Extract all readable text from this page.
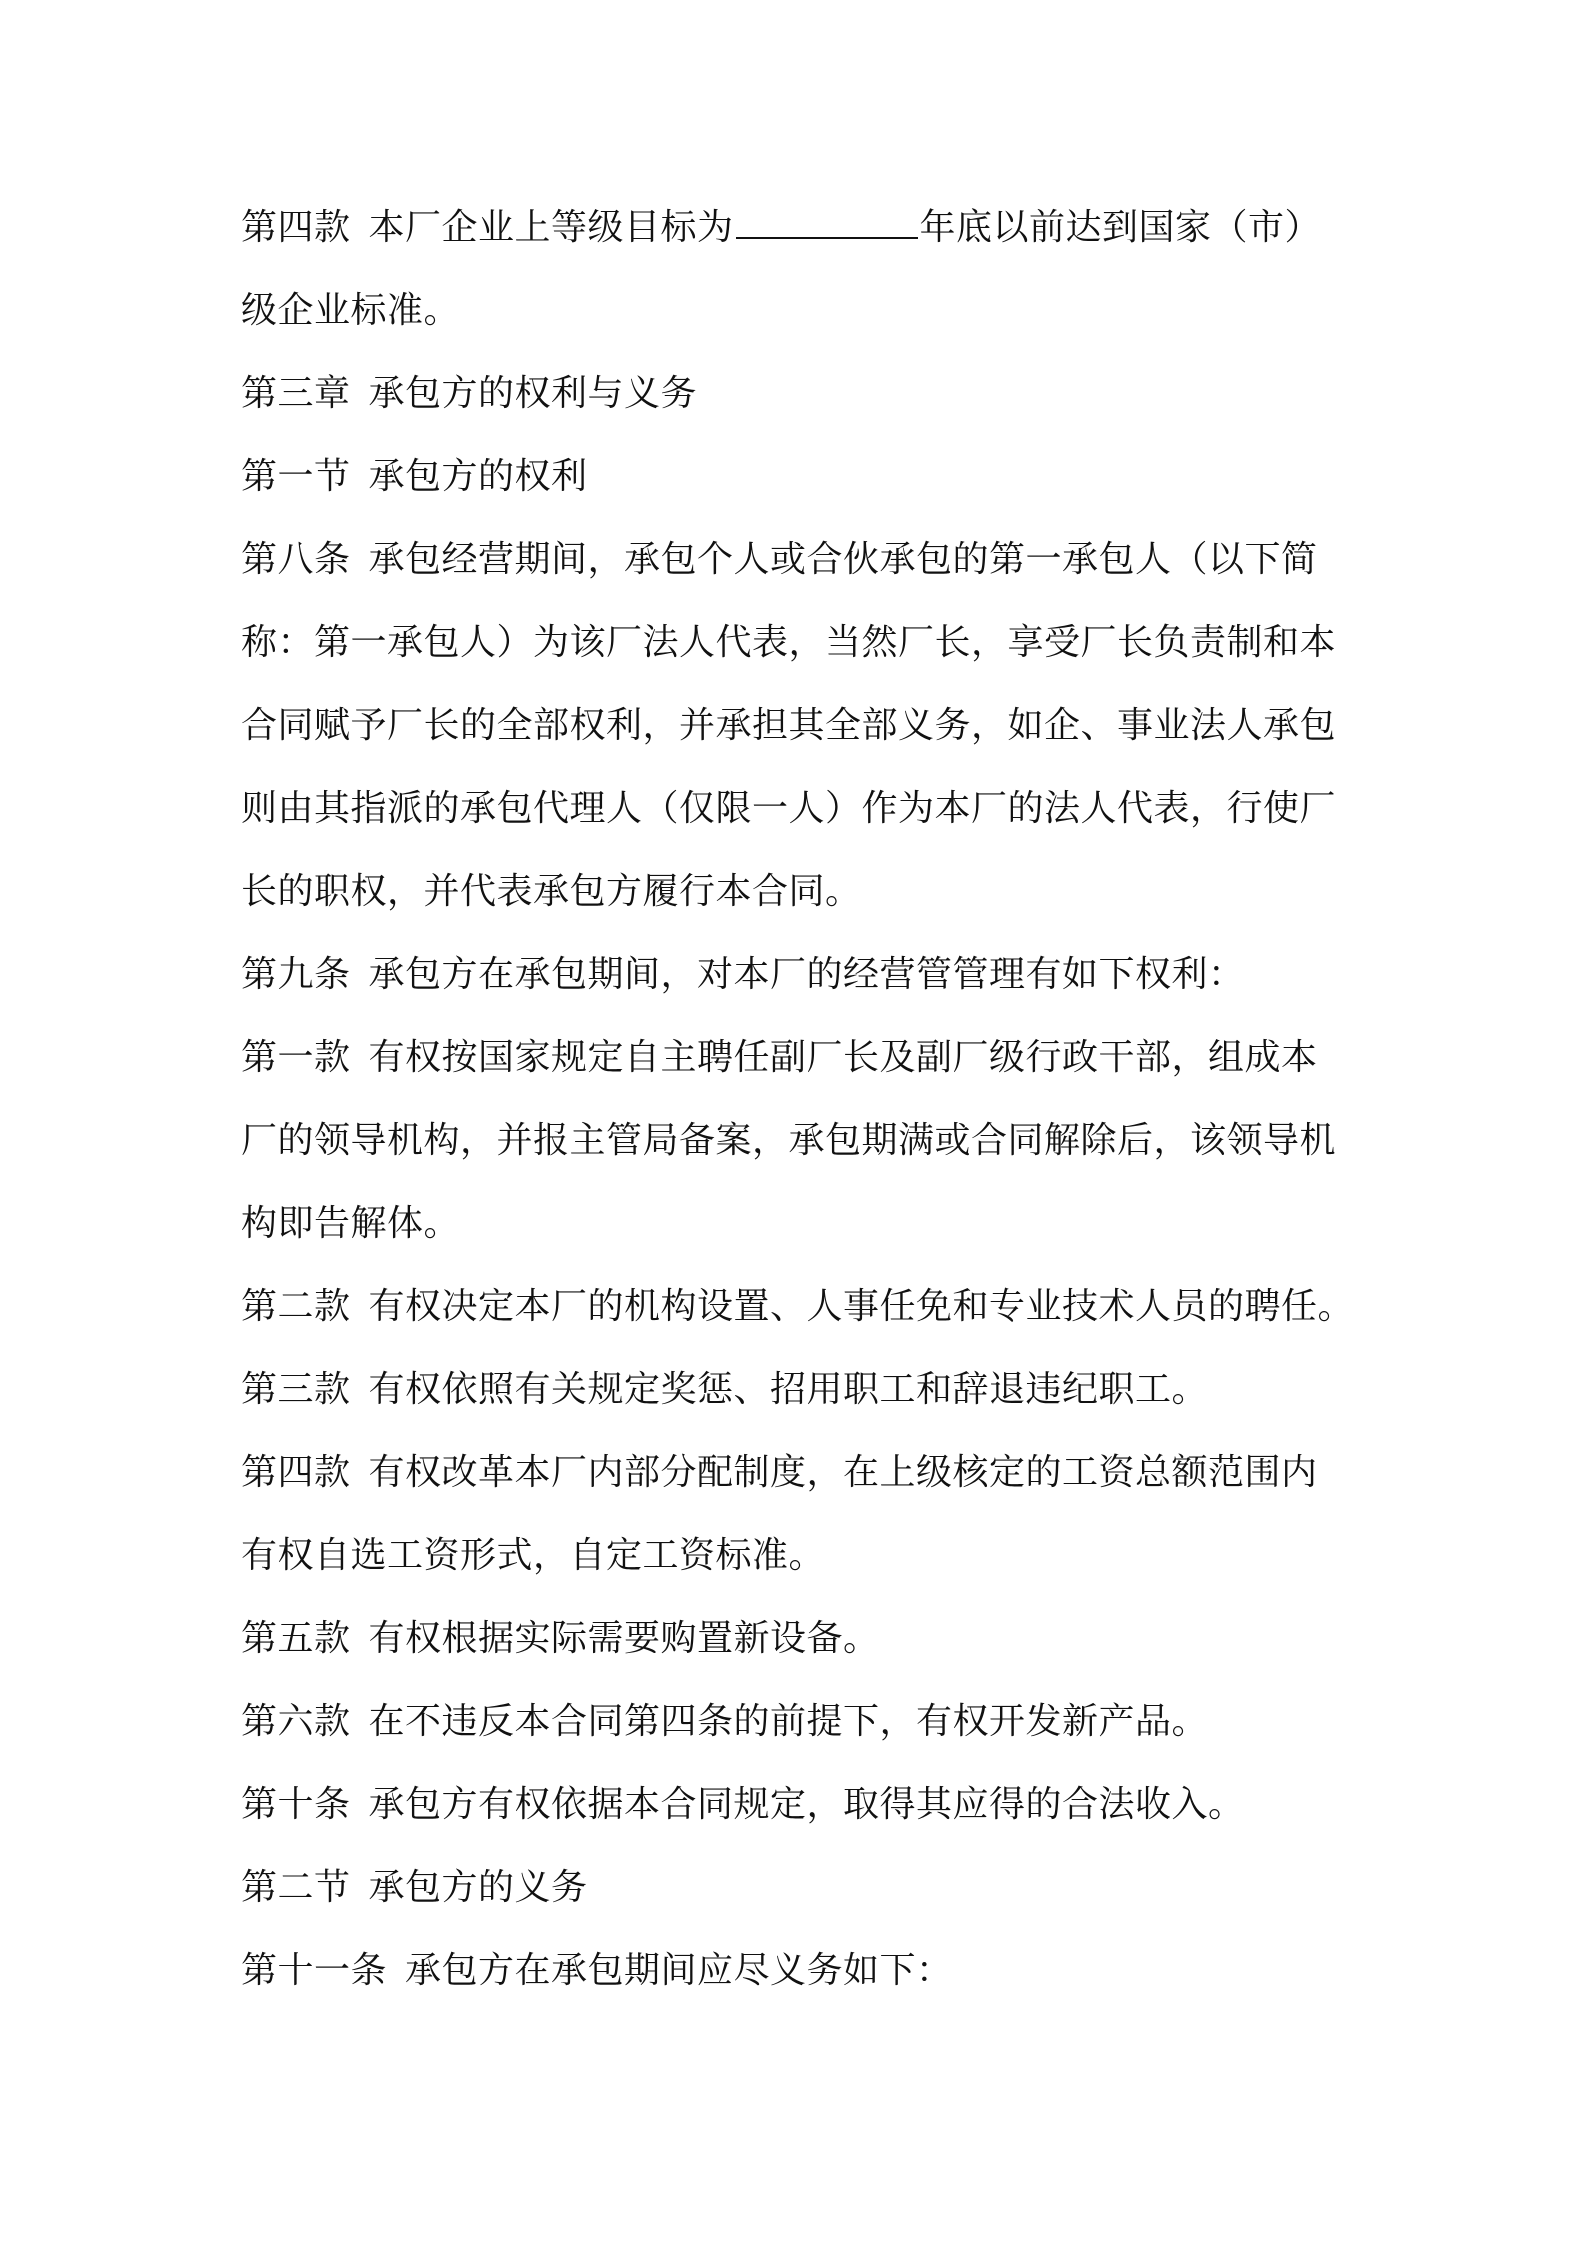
第四款 本厂企业上等级目标为	年底以前达到国家（市）
级企业标准。
第三章 承包方的权利与义务
第一节 承包方的权利
第八条 承包经营期间，承包个人或合伙承包的第一承包人（以下简
称：第一承包人）为该厂法人代表，当然厂长，享受厂长负责制和本
合同赋予厂长的全部权利，并承担其全部义务，如企、事业法人承包
则由其指派的承包代理人（仅限一人）作为本厂的法人代表，行使厂
长的职权，并代表承包方履行本合同。
第九条 承包方在承包期间，对本厂的经营管管理有如下权利：
第一款 有权按国家规定自主聘任副厂长及副厂级行政干部，组成本
厂的领导机构，并报主管局备案，承包期满或合同解除后，该领导机
构即告解体。
第二款 有权决定本厂的机构设置、人事任免和专业技术人员的聘任。
第三款 有权依照有关规定奖惩、招用职工和辞退违纪职工。
第四款 有权改革本厂内部分配制度，在上级核定的工资总额范围内
有权自选工资形式，自定工资标准。
第五款 有权根据实际需要购置新设备。
第六款 在不违反本合同第四条的前提下，有权开发新产品。
第十条 承包方有权依据本合同规定，取得其应得的合法收入。
第二节 承包方的义务
第十一条 承包方在承包期间应尽义务如下：
